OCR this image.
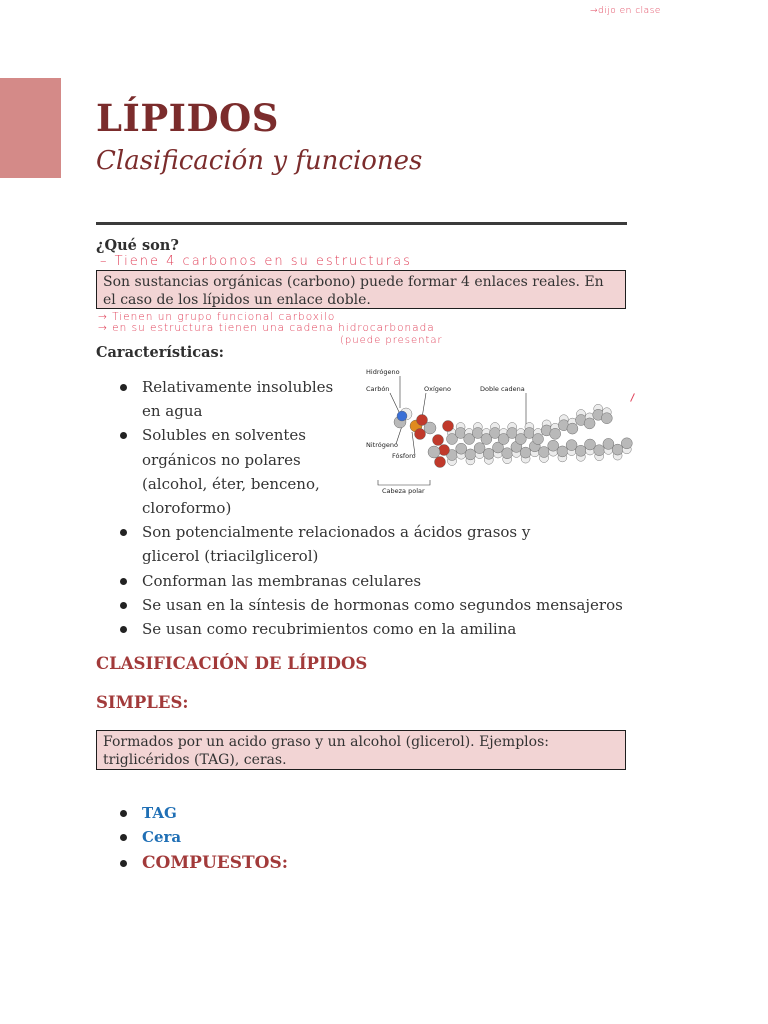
→dijo en clase
LÍPIDOS
Clasificación y funciones
¿Qué son?
– Tiene 4 carbonos en su estructuras
Son sustancias orgánicas (carbono) puede formar 4 enlaces reales. En el caso de los lípidos un enlace doble.
→ Tienen un grupo funcional carboxilo
→ en su estructura tienen una cadena hidrocarbonada
(puede presentar
Características:
Relativamente insolubles en agua
Solubles en solventes orgánicos no polares (alcohol, éter, benceno, cloroformo)
Son potencialmente relacionados a ácidos grasos y glicerol (triacilglicerol)
Conforman las membranas celulares
Se usan en la síntesis de hormonas como segundos mensajeros
Se usan como recubrimientos como en la amilina
Hidrógeno
Carbón	Oxígeno	Doble cadena
Nitrógeno
Fósforo
Cabeza polar
CLASIFICACIÓN DE LÍPIDOS
SIMPLES:
Formados por un acido graso y un alcohol (glicerol). Ejemplos: triglicéridos (TAG), ceras.
TAG
Cera
COMPUESTOS:
